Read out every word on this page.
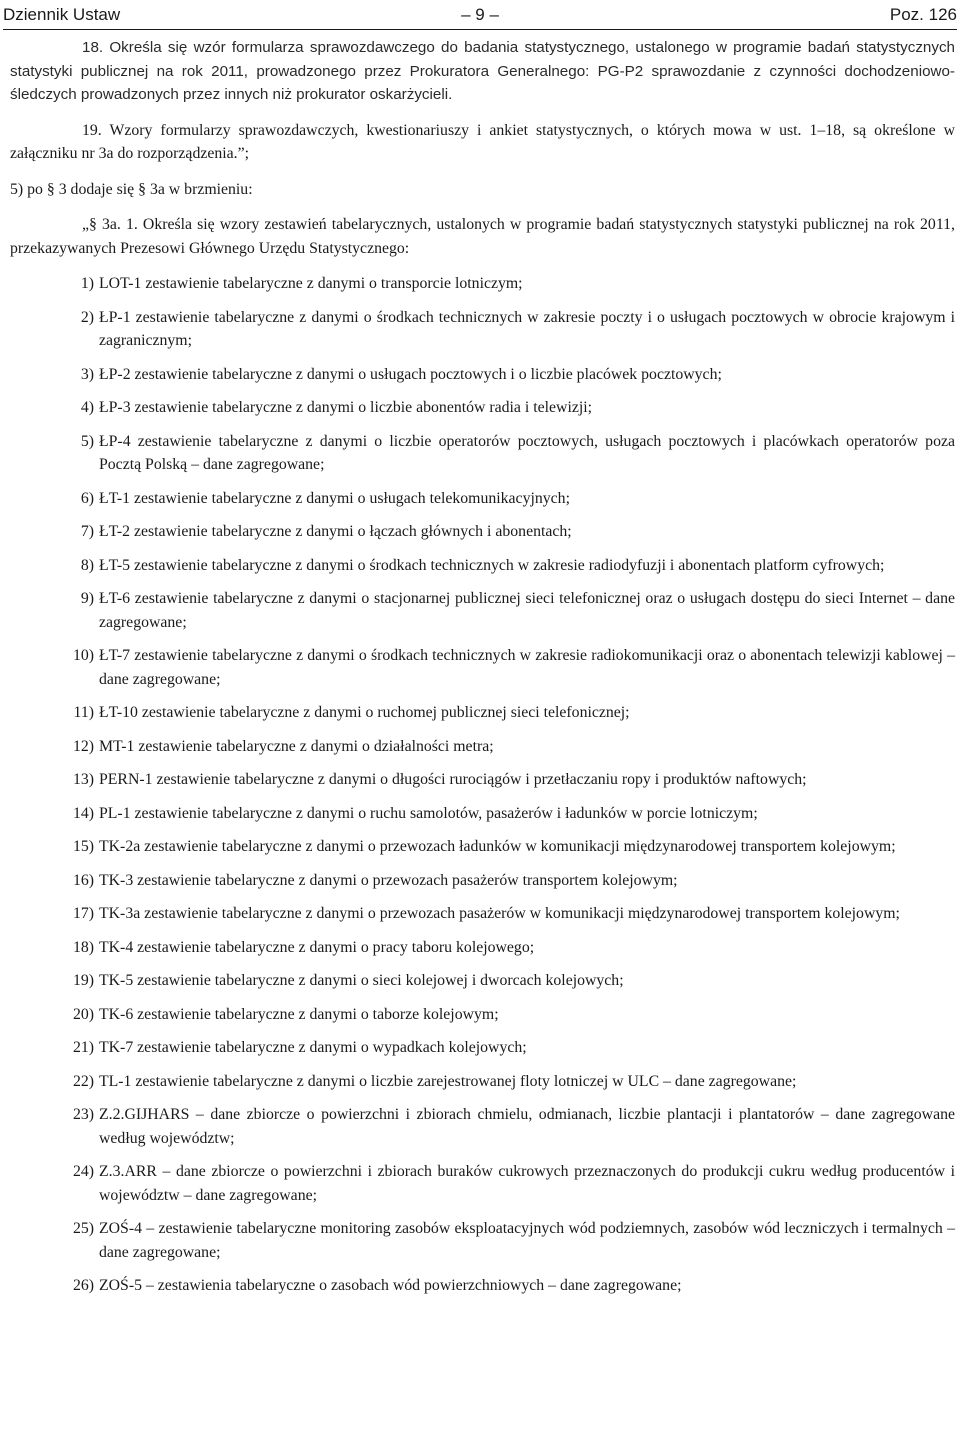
Dziennik Ustaw	– 9 –	Poz. 126

18. Określa się wzór formularza sprawozdawczego do badania statystycznego, ustalonego w programie badań statystycznych statystyki publicznej na rok 2011, prowadzonego przez Prokuratora Generalnego: PG-P2 sprawozdanie z czynności dochodzeniowo-śledczych prowadzonych przez innych niż prokurator oskarżycieli.

19. Wzory formularzy sprawozdawczych, kwestionariuszy i ankiet statystycznych, o których mowa w ust. 1–18, są określone w załączniku nr 3a do rozporządzenia.”;

5) po § 3 dodaje się § 3a w brzmieniu:

„§ 3a. 1. Określa się wzory zestawień tabelarycznych, ustalonych w programie badań statystycznych statystyki publicznej na rok 2011, przekazywanych Prezesowi Głównego Urzędu Statystycznego:

1) LOT-1 zestawienie tabelaryczne z danymi o transporcie lotniczym;
2) ŁP-1 zestawienie tabelaryczne z danymi o środkach technicznych w zakresie poczty i o usługach pocztowych w obrocie krajowym i zagranicznym;
3) ŁP-2 zestawienie tabelaryczne z danymi o usługach pocztowych i o liczbie placówek pocztowych;
4) ŁP-3 zestawienie tabelaryczne z danymi o liczbie abonentów radia i telewizji;
5) ŁP-4 zestawienie tabelaryczne z danymi o liczbie operatorów pocztowych, usługach pocztowych i placówkach operatorów poza Pocztą Polską – dane zagregowane;
6) ŁT-1 zestawienie tabelaryczne z danymi o usługach telekomunikacyjnych;
7) ŁT-2 zestawienie tabelaryczne z danymi o łączach głównych i abonentach;
8) ŁT-5 zestawienie tabelaryczne z danymi o środkach technicznych w zakresie radiodyfuzji i abonentach platform cyfrowych;
9) ŁT-6 zestawienie tabelaryczne z danymi o stacjonarnej publicznej sieci telefonicznej oraz o usługach dostępu do sieci Internet – dane zagregowane;
10) ŁT-7 zestawienie tabelaryczne z danymi o środkach technicznych w zakresie radiokomunikacji oraz o abonentach telewizji kablowej – dane zagregowane;
11) ŁT-10 zestawienie tabelaryczne z danymi o ruchomej publicznej sieci telefonicznej;
12) MT-1 zestawienie tabelaryczne z danymi o działalności metra;
13) PERN-1 zestawienie tabelaryczne z danymi o długości rurociągów i przetłaczaniu ropy i produktów naftowych;
14) PL-1 zestawienie tabelaryczne z danymi o ruchu samolotów, pasażerów i ładunków w porcie lotniczym;
15) TK-2a zestawienie tabelaryczne z danymi o przewozach ładunków w komunikacji międzynarodowej transportem kolejowym;
16) TK-3 zestawienie tabelaryczne z danymi o przewozach pasażerów transportem kolejowym;
17) TK-3a zestawienie tabelaryczne z danymi o przewozach pasażerów w komunikacji międzynarodowej transportem kolejowym;
18) TK-4 zestawienie tabelaryczne z danymi o pracy taboru kolejowego;
19) TK-5 zestawienie tabelaryczne z danymi o sieci kolejowej i dworcach kolejowych;
20) TK-6 zestawienie tabelaryczne z danymi o taborze kolejowym;
21) TK-7 zestawienie tabelaryczne z danymi o wypadkach kolejowych;
22) TL-1 zestawienie tabelaryczne z danymi o liczbie zarejestrowanej floty lotniczej w ULC – dane zagregowane;
23) Z.2.GIJHARS – dane zbiorcze o powierzchni i zbiorach chmielu, odmianach, liczbie plantacji i plantatorów – dane zagregowane według województw;
24) Z.3.ARR – dane zbiorcze o powierzchni i zbiorach buraków cukrowych przeznaczonych do produkcji cukru według producentów i województw – dane zagregowane;
25) ZOŚ-4 – zestawienie tabelaryczne monitoring zasobów eksploatacyjnych wód podziemnych, zasobów wód leczniczych i termalnych – dane zagregowane;
26) ZOŚ-5 – zestawienia tabelaryczne o zasobach wód powierzchniowych – dane zagregowane;
